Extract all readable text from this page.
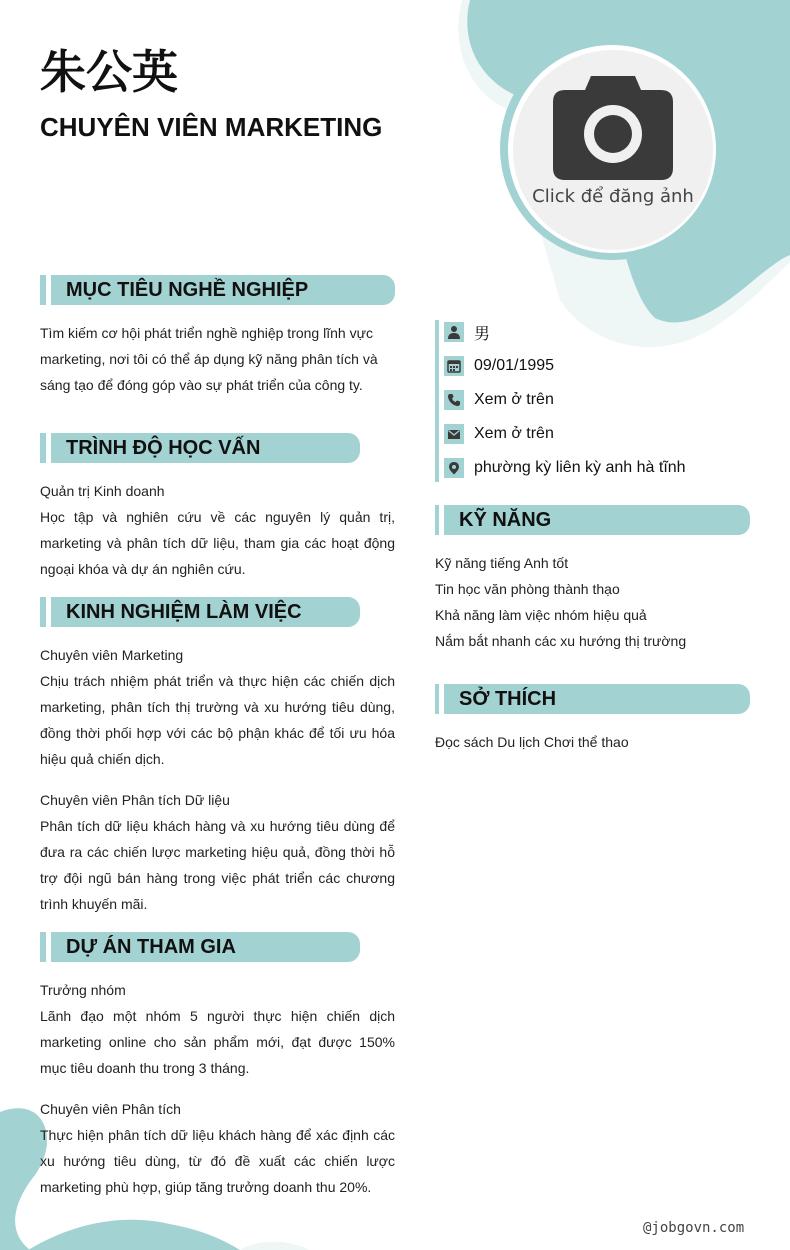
朱公英
CHUYÊN VIÊN MARKETING
Click để đăng ảnh
MỤC TIÊU NGHỀ NGHIỆP

Tìm kiếm cơ hội phát triển nghề nghiệp trong lĩnh vực marketing, nơi tôi có thể áp dụng kỹ năng phân tích và sáng tạo để đóng góp vào sự phát triển của công ty.

TRÌNH ĐỘ HỌC VẤN

Quản trị Kinh doanh

Học tập và nghiên cứu về các nguyên lý quản trị, marketing và phân tích dữ liệu, tham gia các hoạt động ngoại khóa và dự án nghiên cứu.

KINH NGHIỆM LÀM VIỆC

Chuyên viên Marketing

Chịu trách nhiệm phát triển và thực hiện các chiến dịch marketing, phân tích thị trường và xu hướng tiêu dùng, đồng thời phối hợp với các bộ phận khác để tối ưu hóa hiệu quả chiến dịch.

Chuyên viên Phân tích Dữ liệu

Phân tích dữ liệu khách hàng và xu hướng tiêu dùng để đưa ra các chiến lược marketing hiệu quả, đồng thời hỗ trợ đội ngũ bán hàng trong việc phát triển các chương trình khuyến mãi.

DỰ ÁN THAM GIA

Trưởng nhóm

Lãnh đạo một nhóm 5 người thực hiện chiến dịch marketing online cho sản phẩm mới, đạt được 150% mục tiêu doanh thu trong 3 tháng.

Chuyên viên Phân tích

Thực hiện phân tích dữ liệu khách hàng để xác định các xu hướng tiêu dùng, từ đó đề xuất các chiến lược marketing phù hợp, giúp tăng trưởng doanh thu 20%.

男
09/01/1995
Xem ở trên
Xem ở trên
phường kỳ liên kỳ anh hà tĩnh
KỸ NĂNG

Kỹ năng tiếng Anh tốt

Tin học văn phòng thành thạo

Khả năng làm việc nhóm hiệu quả

Nắm bắt nhanh các xu hướng thị trường

SỞ THÍCH

Đọc sách Du lịch Chơi thể thao

@jobgovn.com
